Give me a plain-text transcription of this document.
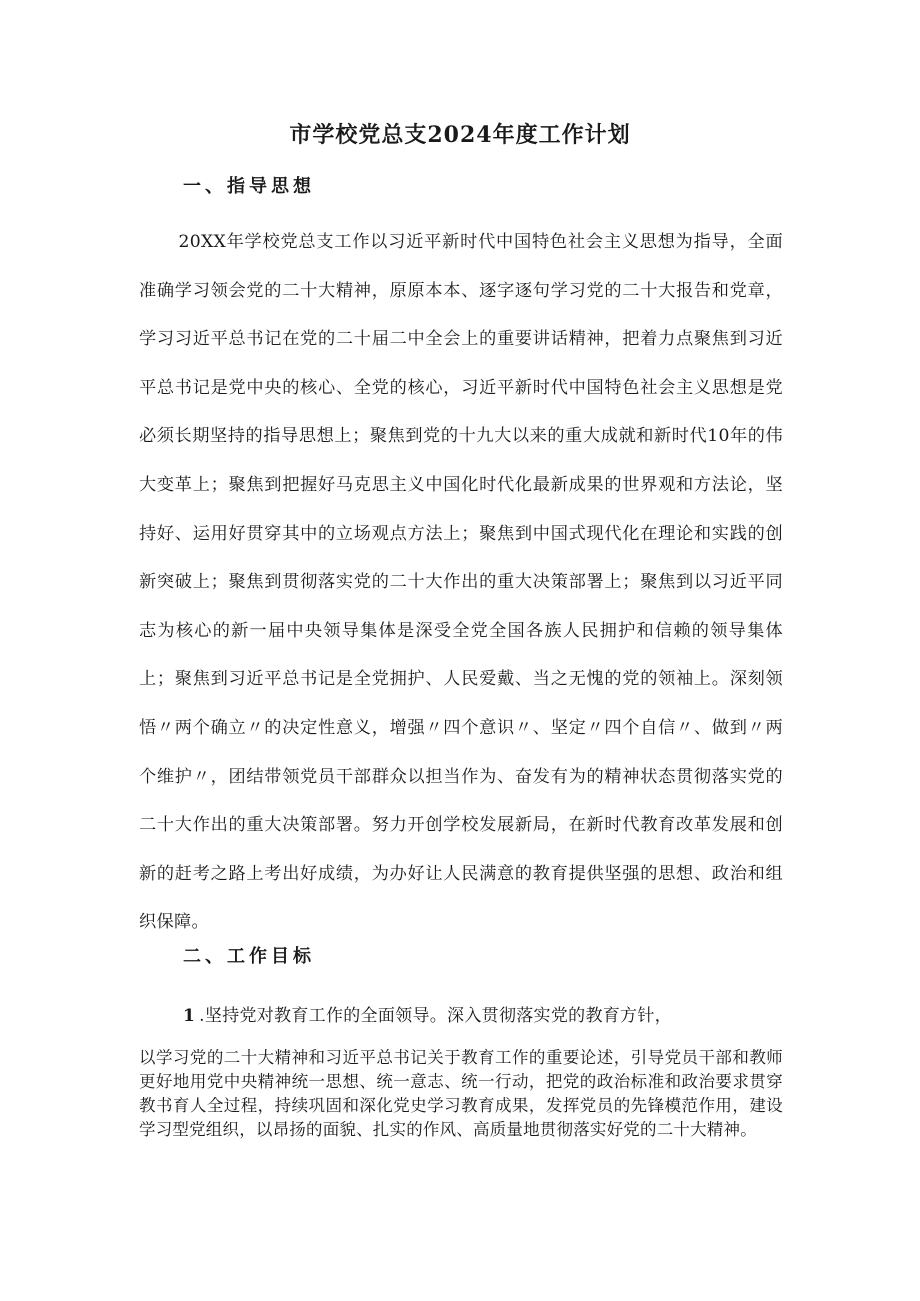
市学校党总支2024年度工作计划
一、指导思想

20XX年学校党总支工作以习近平新时代中国特色社会主义思想为指导，全面准确学习领会党的二十大精神，原原本本、逐字逐句学习党的二十大报告和党章，学习习近平总书记在党的二十届二中全会上的重要讲话精神，把着力点聚焦到习近平总书记是党中央的核心、全党的核心，习近平新时代中国特色社会主义思想是党必须长期坚持的指导思想上；聚焦到党的十九大以来的重大成就和新时代10年的伟大变革上；聚焦到把握好马克思主义中国化时代化最新成果的世界观和方法论，坚持好、运用好贯穿其中的立场观点方法上；聚焦到中国式现代化在理论和实践的创新突破上；聚焦到贯彻落实党的二十大作出的重大决策部署上；聚焦到以习近平同志为核心的新一届中央领导集体是深受全党全国各族人民拥护和信赖的领导集体上；聚焦到习近平总书记是全党拥护、人民爱戴、当之无愧的党的领袖上。深刻领悟〃两个确立〃的决定性意义，增强〃四个意识〃、坚定〃四个自信〃、做到〃两个维护〃，团结带领党员干部群众以担当作为、奋发有为的精神状态贯彻落实党的二十大作出的重大决策部署。努力开创学校发展新局，在新时代教育改革发展和创新的赶考之路上考出好成绩，为办好让人民满意的教育提供坚强的思想、政治和组织保障。

二、工作目标

1 .坚持党对教育工作的全面领导。深入贯彻落实党的教育方针，

以学习党的二十大精神和习近平总书记关于教育工作的重要论述，引导党员干部和教师更好地用党中央精神统一思想、统一意志、统一行动，把党的政治标准和政治要求贯穿教书育人全过程，持续巩固和深化党史学习教育成果，发挥党员的先锋模范作用，建设学习型党组织，以昂扬的面貌、扎实的作风、高质量地贯彻落实好党的二十大精神。
